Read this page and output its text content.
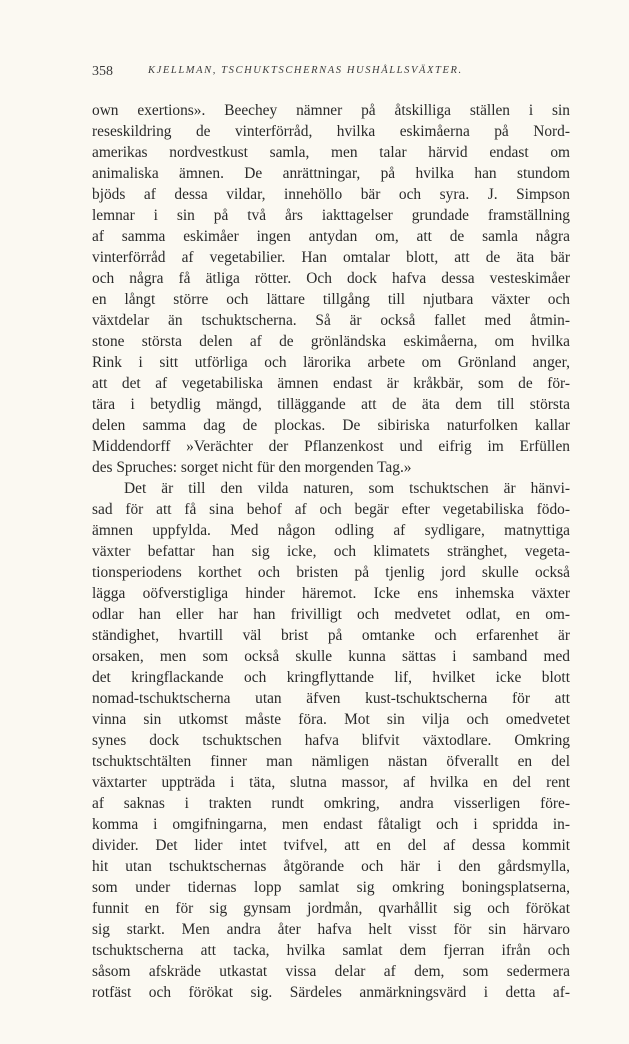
358	KJELLMAN, TSCHUKTSCHERNAS HUSHÅLLSVÄXTER.
own exertions». Beechey nämner på åtskilliga ställen i sin
reseskildring de vinterförråd, hvilka eskimåerna på Nord-
amerikas nordvestkust samla, men talar härvid endast om
animaliska ämnen. De anrättningar, på hvilka han stundom
bjöds af dessa vildar, innehöllo bär och syra. J. Simpson
lemnar i sin på två års iakttagelser grundade framställning
af samma eskimåer ingen antydan om, att de samla några
vinterförråd af vegetabilier. Han omtalar blott, att de äta bär
och några få ätliga rötter. Och dock hafva dessa vesteskimåer
en långt större och lättare tillgång till njutbara växter och
växtdelar än tschuktscherna. Så är också fallet med åtmin-
stone största delen af de grönländska eskimåerna, om hvilka
Rink i sitt utförliga och lärorika arbete om Grönland anger,
att det af vegetabiliska ämnen endast är kråkbär, som de för-
tära i betydlig mängd, tilläggande att de äta dem till största
delen samma dag de plockas. De sibiriska naturfolken kallar
Middendorff »Verächter der Pflanzenkost und eifrig im Erfüllen
des Spruches: sorget nicht für den morgenden Tag.»
Det är till den vilda naturen, som tschuktschen är hänvi-
sad för att få sina behof af och begär efter vegetabiliska födo-
ämnen uppfylda. Med någon odling af sydligare, matnyttiga
växter befattar han sig icke, och klimatets stränghet, vegeta-
tionsperiodens korthet och bristen på tjenlig jord skulle också
lägga oöfverstigliga hinder häremot. Icke ens inhemska växter
odlar han eller har han frivilligt och medvetet odlat, en om-
ständighet, hvartill väl brist på omtanke och erfarenhet är
orsaken, men som också skulle kunna sättas i samband med
det kringflackande och kringflyttande lif, hvilket icke blott
nomad-tschuktscherna utan äfven kust-tschuktscherna för att
vinna sin utkomst måste föra. Mot sin vilja och omedvetet
synes dock tschuktschen hafva blifvit växtodlare. Omkring
tschuktschtälten finner man nämligen nästan öfverallt en del
växtarter uppträda i täta, slutna massor, af hvilka en del rent
af saknas i trakten rundt omkring, andra visserligen före-
komma i omgifningarna, men endast fåtaligt och i spridda in-
divider. Det lider intet tvifvel, att en del af dessa kommit
hit utan tschuktschernas åtgörande och här i den gårdsmylla,
som under tidernas lopp samlat sig omkring boningsplatserna,
funnit en för sig gynsam jordmån, qvarhållit sig och förökat
sig starkt. Men andra åter hafva helt visst för sin härvaro
tschuktscherna att tacka, hvilka samlat dem fjerran ifrån och
såsom afskräde utkastat vissa delar af dem, som sedermera
rotfäst och förökat sig. Särdeles anmärkningsvärd i detta af-
